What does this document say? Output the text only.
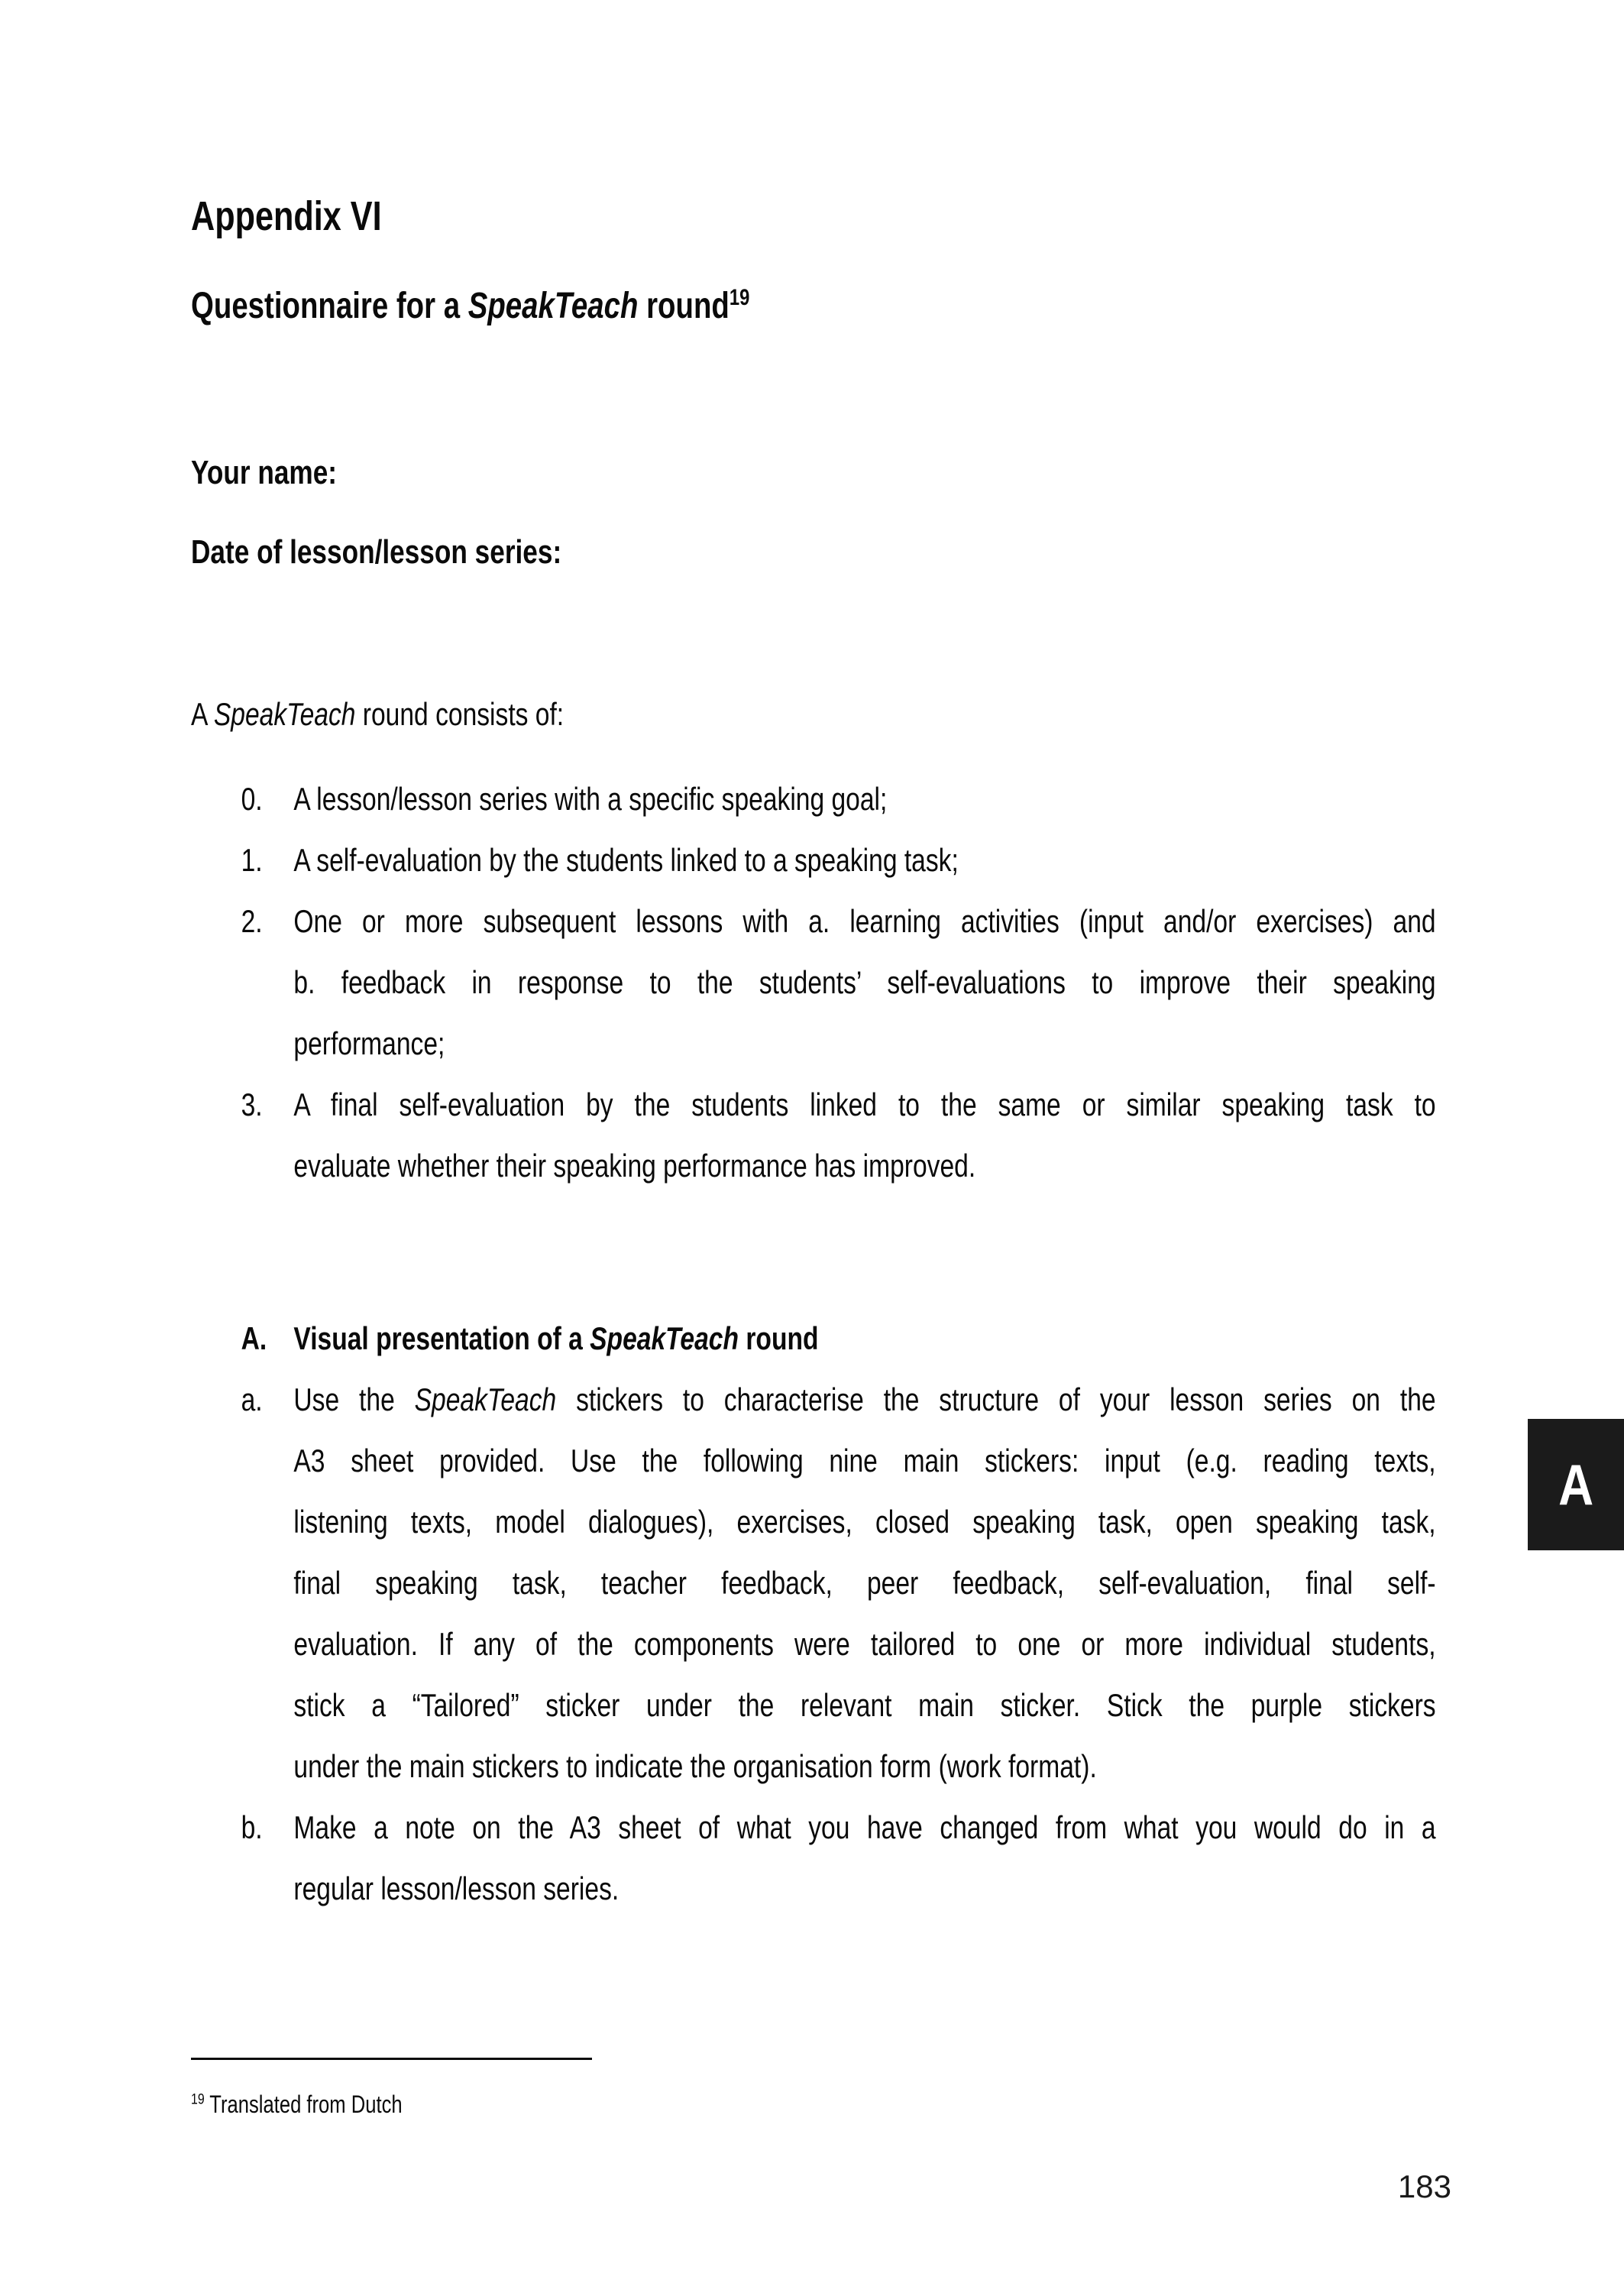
Appendix VI
Questionnaire for a SpeakTeach round$^{19}$
Your name:
Date of lesson/lesson series:
A SpeakTeach round consists of:
0. A lesson/lesson series with a specific speaking goal;
1. A self-evaluation by the students linked to a speaking task;
2. One or more subsequent lessons with a. learning activities (input and/or exercises) and
b. feedback in response to the students’ self-evaluations to improve their speaking
performance;
3. A final self-evaluation by the students linked to the same or similar speaking task to
evaluate whether their speaking performance has improved.
A. Visual presentation of a SpeakTeach round
a. Use the SpeakTeach stickers to characterise the structure of your lesson series on the
A3 sheet provided. Use the following nine main stickers: input (e.g. reading texts,
listening texts, model dialogues), exercises, closed speaking task, open speaking task,
final speaking task, teacher feedback, peer feedback, self-evaluation, final self-
evaluation. If any of the components were tailored to one or more individual students,
stick a “Tailored” sticker under the relevant main sticker. Stick the purple stickers
under the main stickers to indicate the organisation form (work format).
b. Make a note on the A3 sheet of what you have changed from what you would do in a
regular lesson/lesson series.
$^{19}$ Translated from Dutch
183
A
